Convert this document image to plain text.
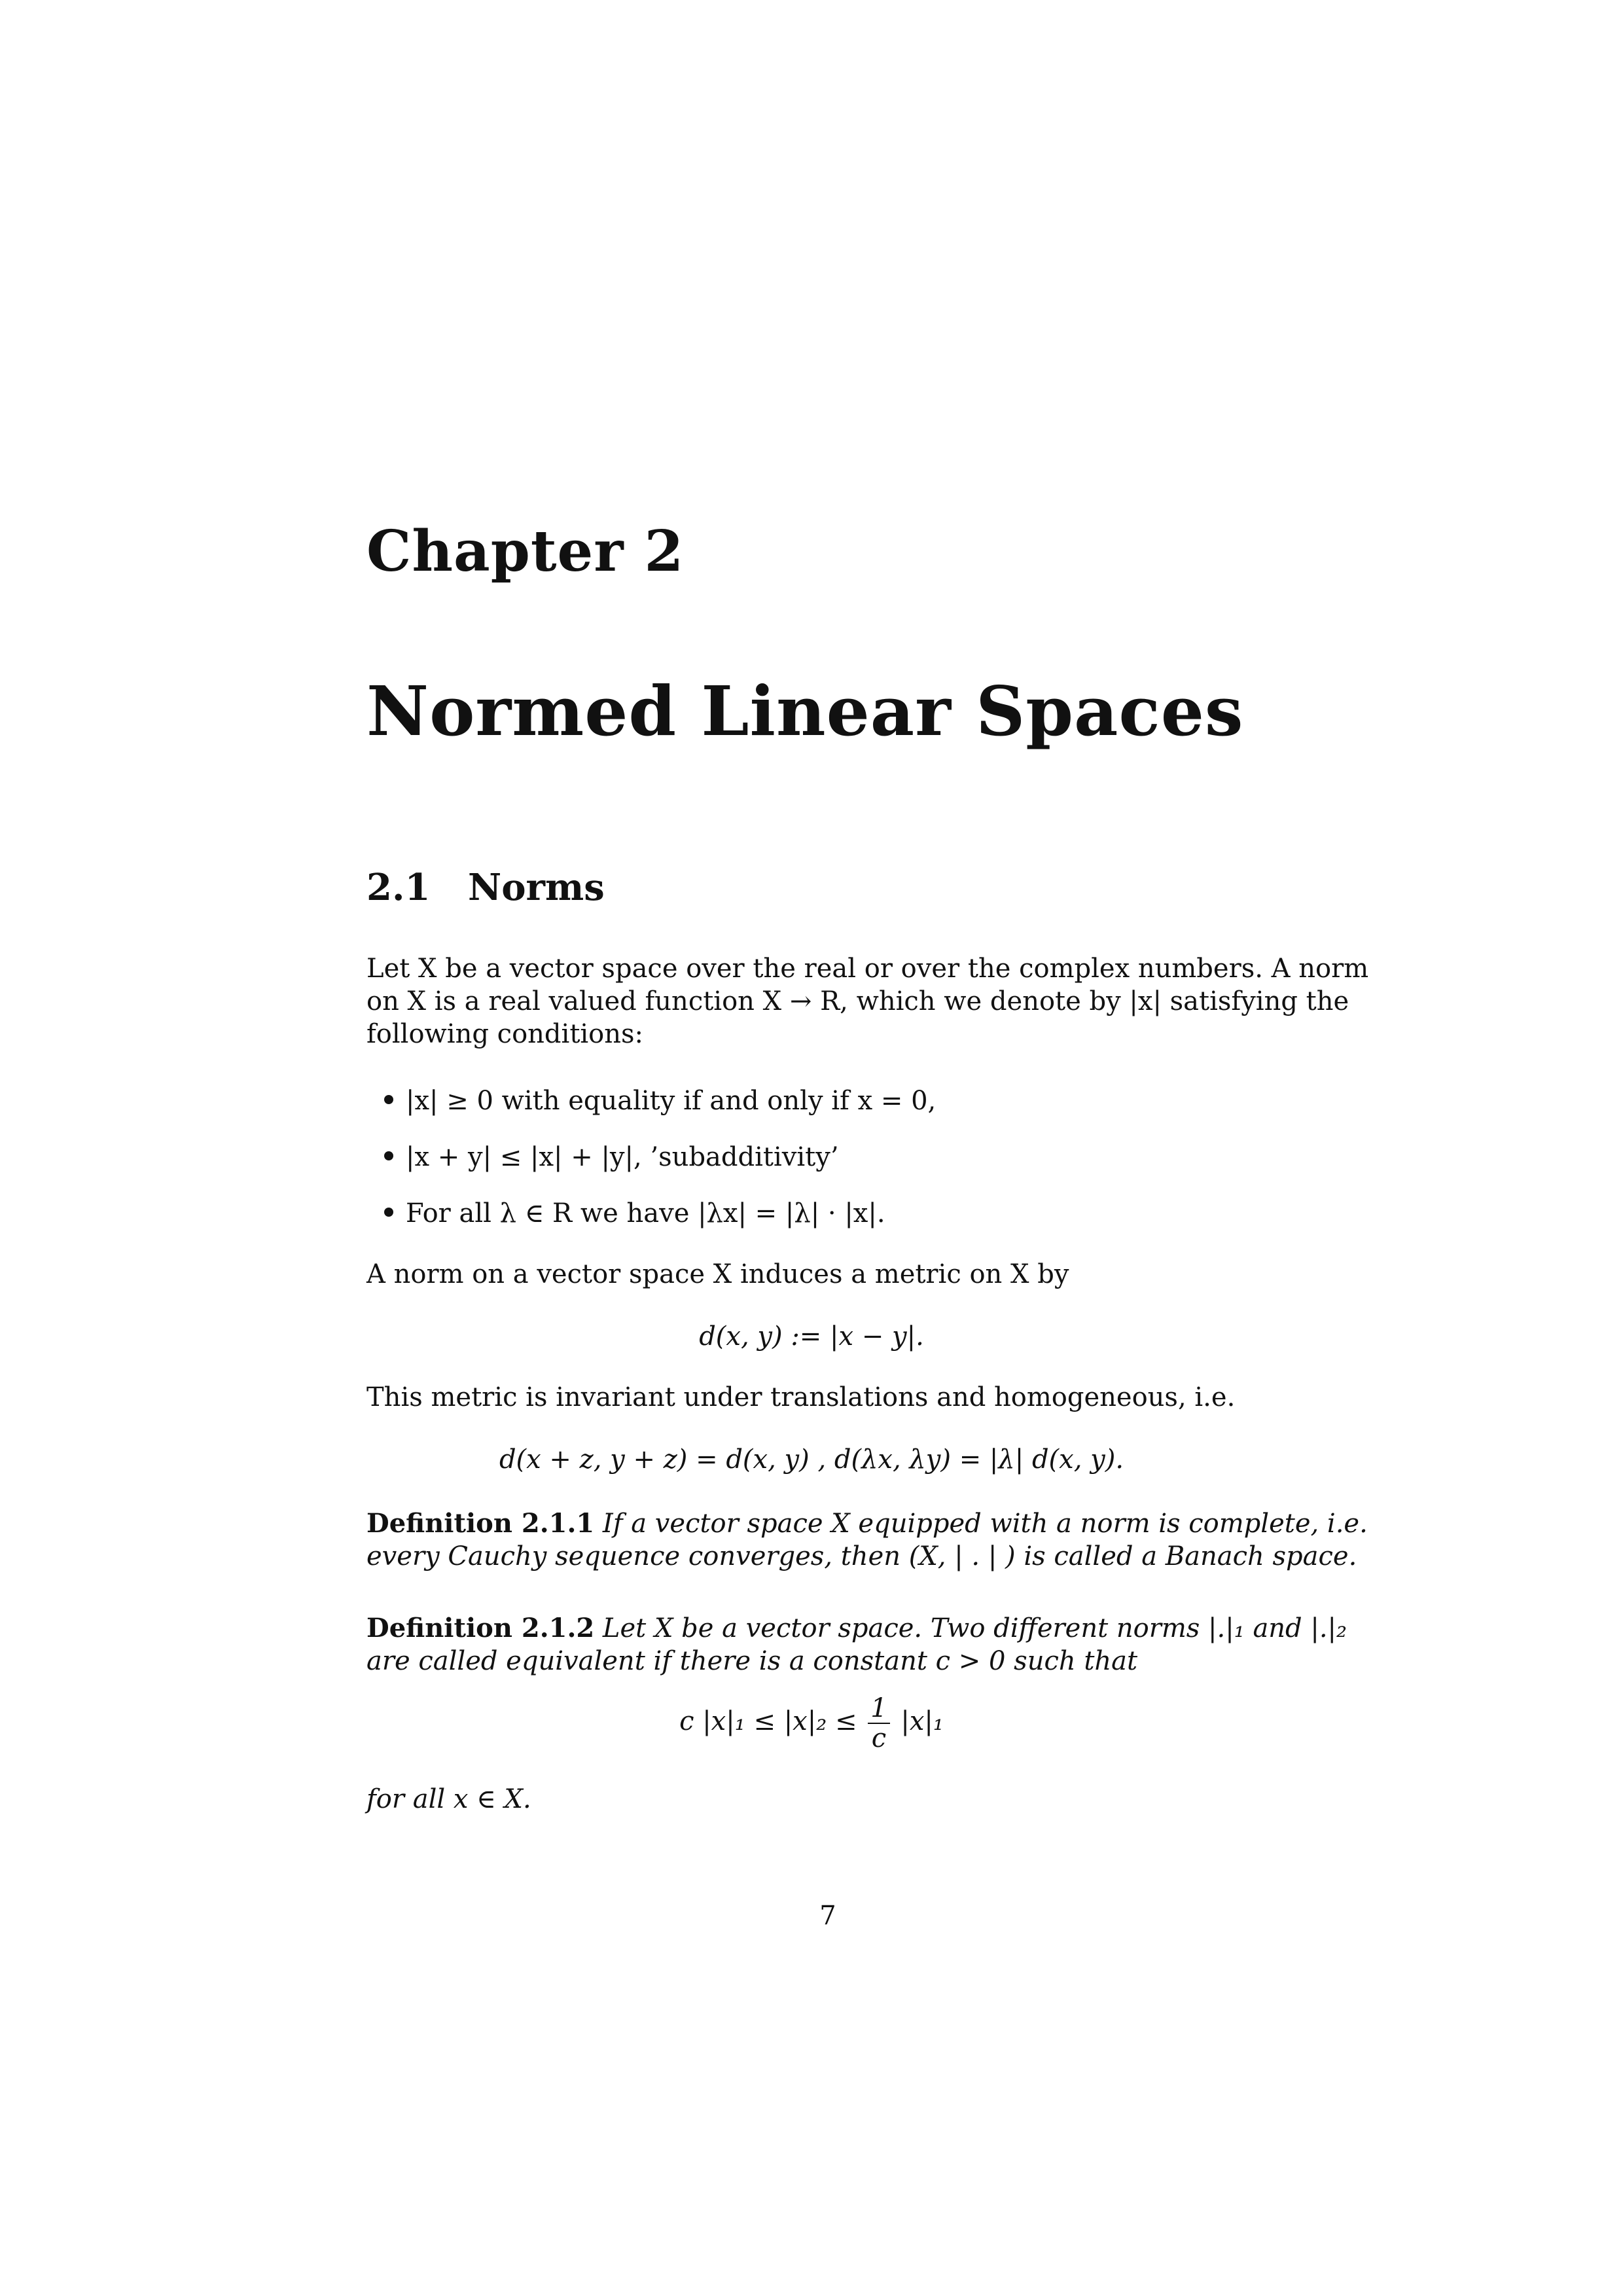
Chapter 2
Normed Linear Spaces
2.1 Norms
Let X be a vector space over the real or over the complex numbers. A norm
on X is a real valued function X → R, which we denote by |x| satisfying the
following conditions:
|x| ≥ 0 with equality if and only if x = 0,
|x + y| ≤ |x| + |y|, ’subadditivity’
For all λ ∈ R we have |λx| = |λ| · |x|.
A norm on a vector space X induces a metric on X by
d(x, y) := |x − y|.
This metric is invariant under translations and homogeneous, i.e.
d(x + z, y + z) = d(x, y) , d(λx, λy) = |λ| d(x, y).
Definition 2.1.1 If a vector space X equipped with a norm is complete, i.e.
every Cauchy sequence converges, then (X, | . | ) is called a Banach space.
Definition 2.1.2 Let X be a vector space. Two different norms |.|₁ and |.|₂
are called equivalent if there is a constant c > 0 such that
c $|x|_1 \le |x|_2 \le \frac{1}{c} |x|_1$
for all x ∈ X.
7
